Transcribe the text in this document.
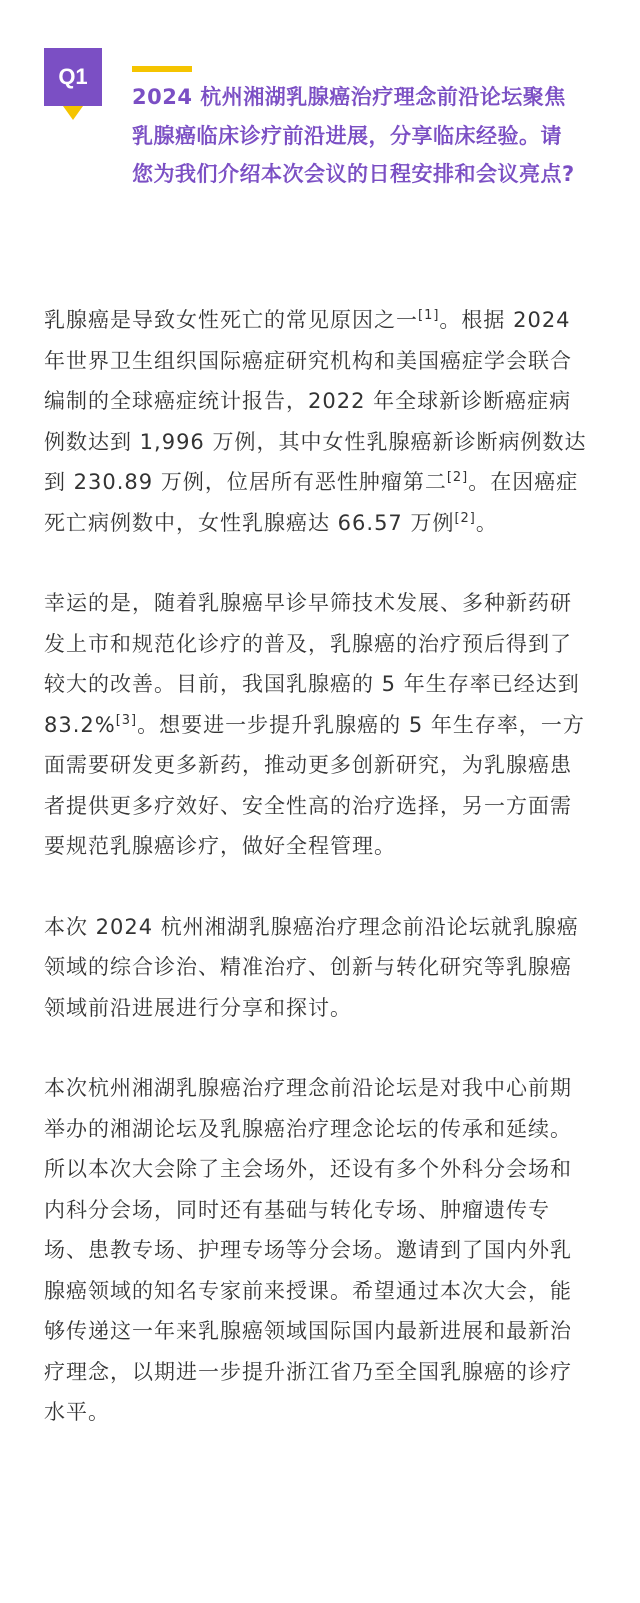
Q1
2024 杭州湘湖乳腺癌治疗理念前沿论坛聚焦乳腺癌临床诊疗前沿进展，分享临床经验。请您为我们介绍本次会议的日程安排和会议亮点?

乳腺癌是导致女性死亡的常见原因之一[1]。根据 2024 年世界卫生组织国际癌症研究机构和美国癌症学会联合编制的全球癌症统计报告，2022 年全球新诊断癌症病例数达到 1,996 万例，其中女性乳腺癌新诊断病例数达到 230.89 万例，位居所有恶性肿瘤第二[2]。在因癌症死亡病例数中，女性乳腺癌达 66.57 万例[2]。

幸运的是，随着乳腺癌早诊早筛技术发展、多种新药研发上市和规范化诊疗的普及，乳腺癌的治疗预后得到了较大的改善。目前，我国乳腺癌的 5 年生存率已经达到 83.2%[3]。想要进一步提升乳腺癌的 5 年生存率，一方面需要研发更多新药，推动更多创新研究，为乳腺癌患者提供更多疗效好、安全性高的治疗选择，另一方面需要规范乳腺癌诊疗，做好全程管理。

本次 2024 杭州湘湖乳腺癌治疗理念前沿论坛就乳腺癌领域的综合诊治、精准治疗、创新与转化研究等乳腺癌领域前沿进展进行分享和探讨。

本次杭州湘湖乳腺癌治疗理念前沿论坛是对我中心前期举办的湘湖论坛及乳腺癌治疗理念论坛的传承和延续。所以本次大会除了主会场外，还设有多个外科分会场和内科分会场，同时还有基础与转化专场、肿瘤遗传专场、患教专场、护理专场等分会场。邀请到了国内外乳腺癌领域的知名专家前来授课。希望通过本次大会，能够传递这一年来乳腺癌领域国际国内最新进展和最新治疗理念，以期进一步提升浙江省乃至全国乳腺癌的诊疗水平。
